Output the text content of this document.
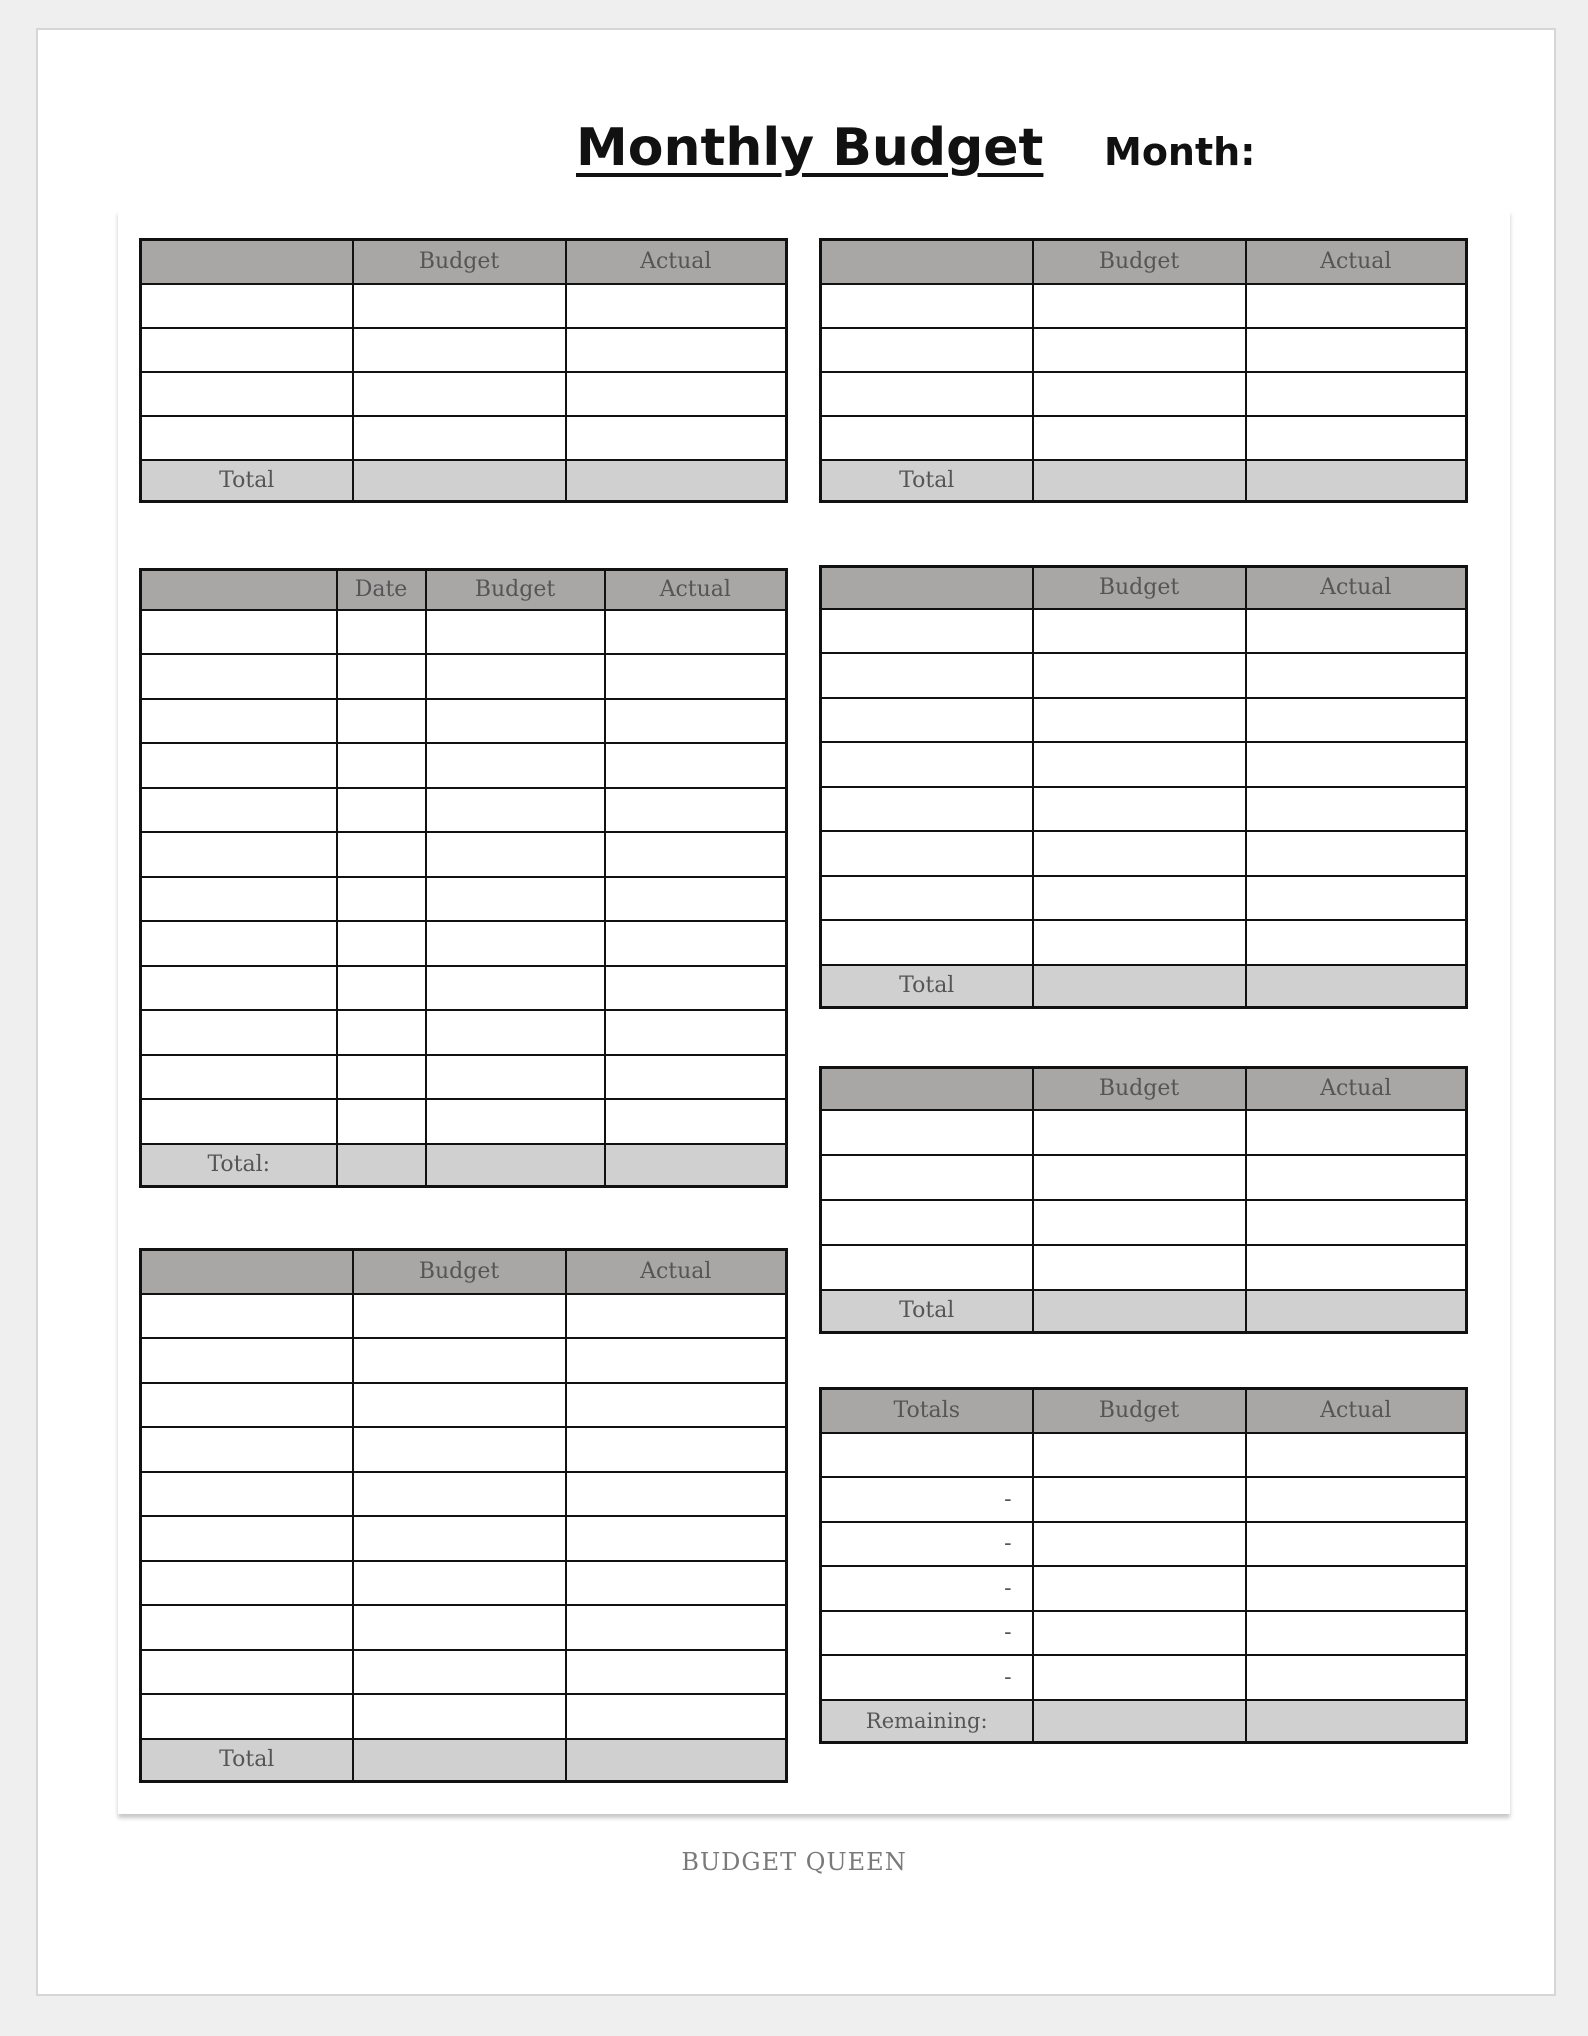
Monthly Budget Month:
	Budget	Actual

Total		
	Budget	Actual

Total		
	Date	Budget	Actual

Total:			
	Budget	Actual

Total		
	Budget	Actual

Total		
	Budget	Actual

Total		
Totals	Budget	Actual

-		
-		
-		
-		
-		
Remaining:		
BUDGET QUEEN
